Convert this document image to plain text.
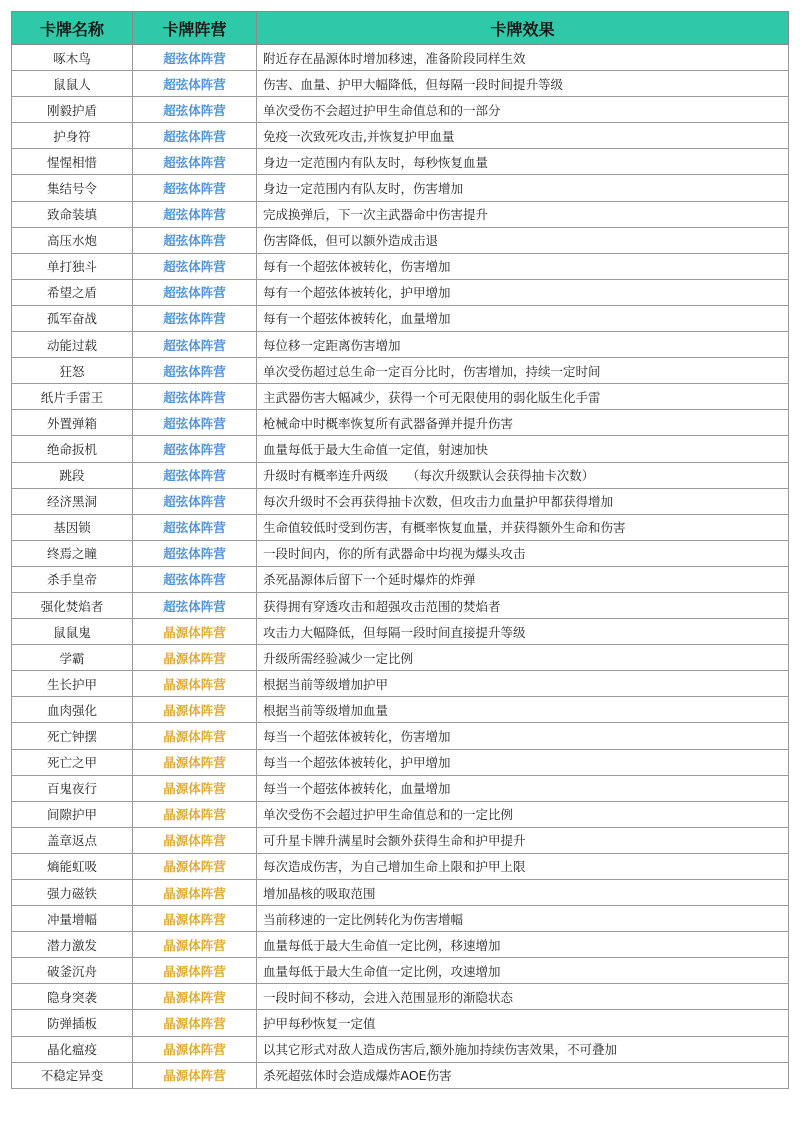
卡牌名称	卡牌阵营	卡牌效果
啄木鸟	超弦体阵营	附近存在晶源体时增加移速，准备阶段同样生效
鼠鼠人	超弦体阵营	伤害、血量、护甲大幅降低，但每隔一段时间提升等级
刚毅护盾	超弦体阵营	单次受伤不会超过护甲生命值总和的一部分
护身符	超弦体阵营	免疫一次致死攻击,并恢复护甲血量
惺惺相惜	超弦体阵营	身边一定范围内有队友时，每秒恢复血量
集结号令	超弦体阵营	身边一定范围内有队友时，伤害增加
致命装填	超弦体阵营	完成换弹后，下一次主武器命中伤害提升
高压水炮	超弦体阵营	伤害降低，但可以额外造成击退
单打独斗	超弦体阵营	每有一个超弦体被转化，伤害增加
希望之盾	超弦体阵营	每有一个超弦体被转化，护甲增加
孤军奋战	超弦体阵营	每有一个超弦体被转化，血量增加
动能过载	超弦体阵营	每位移一定距离伤害增加
狂怒	超弦体阵营	单次受伤超过总生命一定百分比时，伤害增加，持续一定时间
纸片手雷王	超弦体阵营	主武器伤害大幅减少，获得一个可无限使用的弱化版生化手雷
外置弹箱	超弦体阵营	枪械命中时概率恢复所有武器备弹并提升伤害
绝命扳机	超弦体阵营	血量每低于最大生命值一定值，射速加快
跳段	超弦体阵营	升级时有概率连升两级　　（每次升级默认会获得抽卡次数）
经济黑洞	超弦体阵营	每次升级时不会再获得抽卡次数，但攻击力血量护甲都获得增加
基因锁	超弦体阵营	生命值较低时受到伤害，有概率恢复血量，并获得额外生命和伤害
终焉之瞳	超弦体阵营	一段时间内，你的所有武器命中均视为爆头攻击
杀手皇帝	超弦体阵营	杀死晶源体后留下一个延时爆炸的炸弹
强化焚焰者	超弦体阵营	获得拥有穿透攻击和超强攻击范围的焚焰者
鼠鼠鬼	晶源体阵营	攻击力大幅降低，但每隔一段时间直接提升等级
学霸	晶源体阵营	升级所需经验减少一定比例
生长护甲	晶源体阵营	根据当前等级增加护甲
血肉强化	晶源体阵营	根据当前等级增加血量
死亡钟摆	晶源体阵营	每当一个超弦体被转化，伤害增加
死亡之甲	晶源体阵营	每当一个超弦体被转化，护甲增加
百鬼夜行	晶源体阵营	每当一个超弦体被转化，血量增加
间隙护甲	晶源体阵营	单次受伤不会超过护甲生命值总和的一定比例
盖章返点	晶源体阵营	可升星卡牌升满星时会额外获得生命和护甲提升
熵能虹吸	晶源体阵营	每次造成伤害，为自己增加生命上限和护甲上限
强力磁铁	晶源体阵营	增加晶核的吸取范围
冲量增幅	晶源体阵营	当前移速的一定比例转化为伤害增幅
潜力激发	晶源体阵营	血量每低于最大生命值一定比例，移速增加
破釜沉舟	晶源体阵营	血量每低于最大生命值一定比例，攻速增加
隐身突袭	晶源体阵营	一段时间不移动，会进入范围显形的渐隐状态
防弹插板	晶源体阵营	护甲每秒恢复一定值
晶化瘟疫	晶源体阵营	以其它形式对敌人造成伤害后,额外施加持续伤害效果，不可叠加
不稳定异变	晶源体阵营	杀死超弦体时会造成爆炸AOE伤害
